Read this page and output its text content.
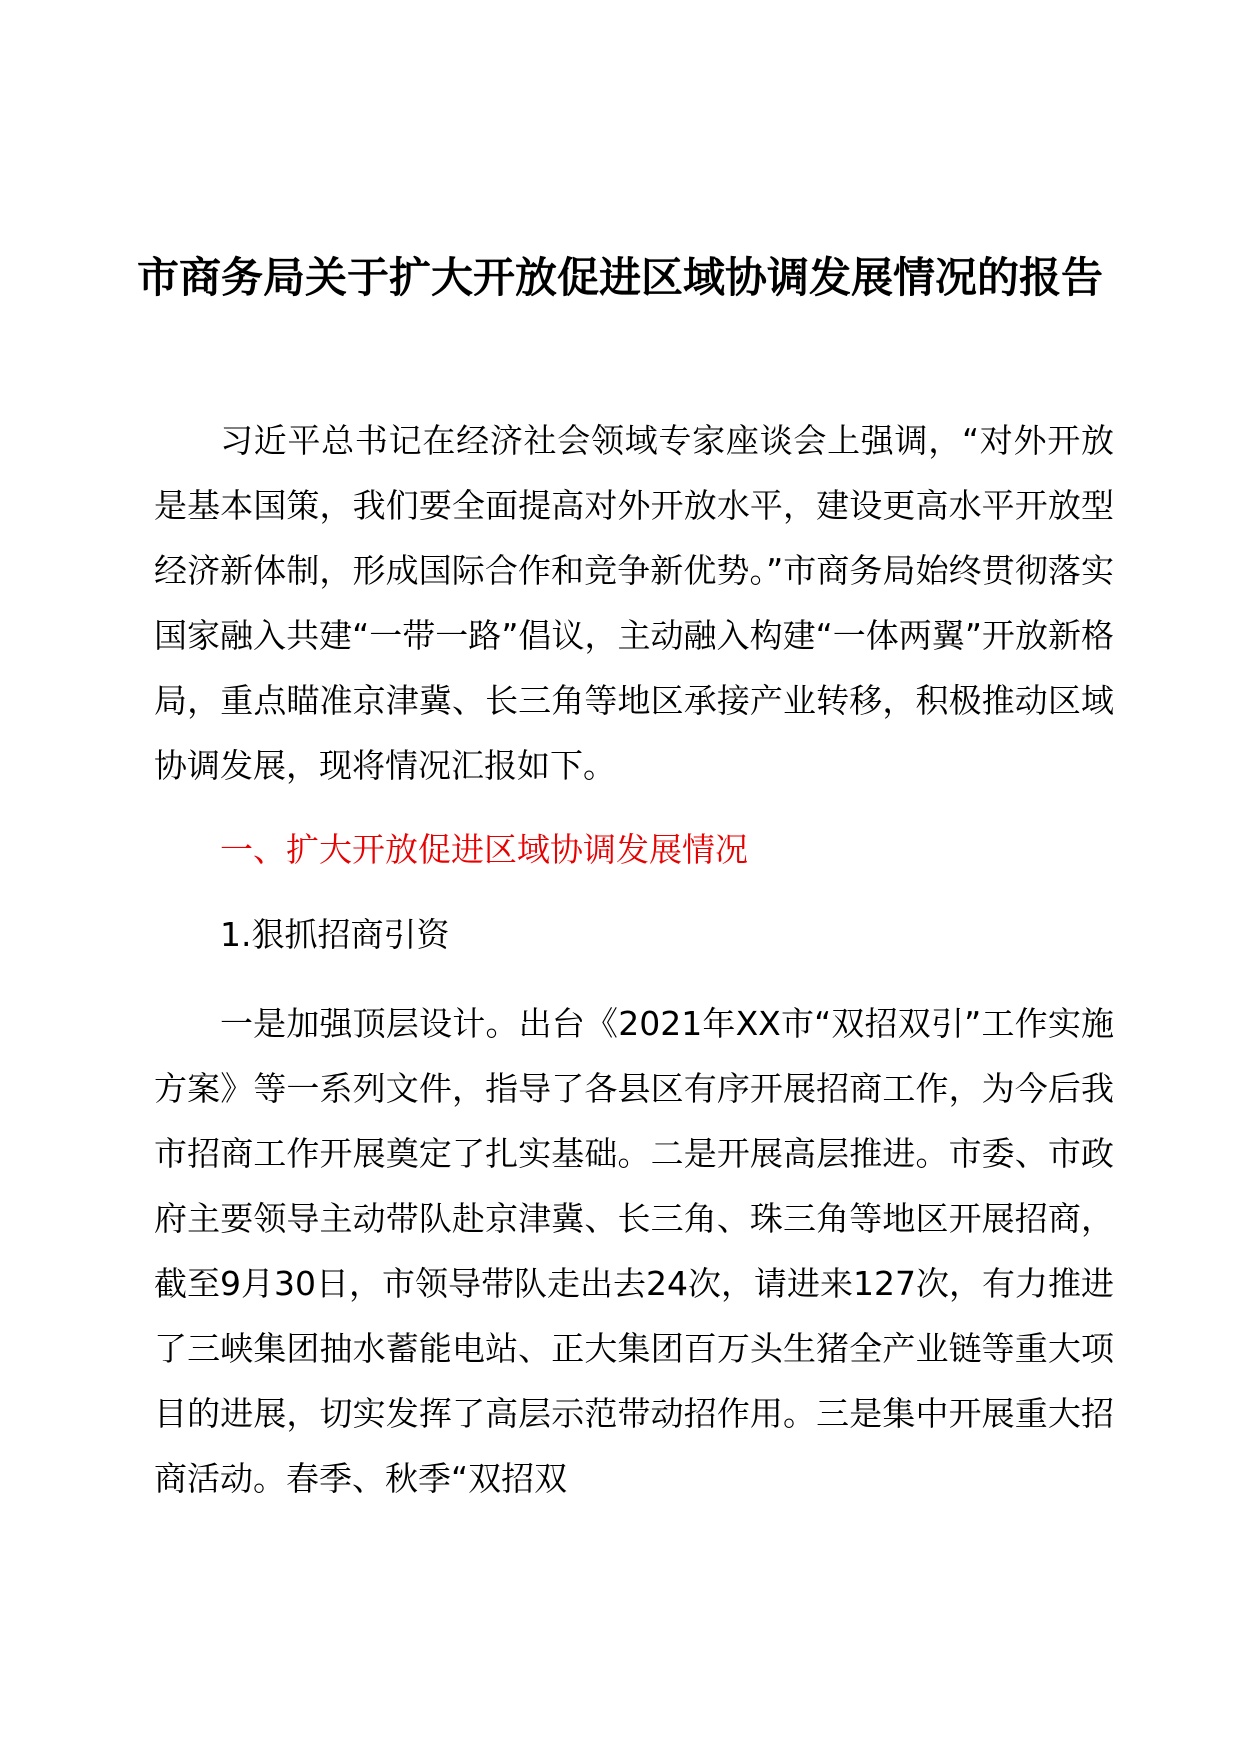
市商务局关于扩大开放促进区域协调发展情况的报告

习近平总书记在经济社会领域专家座谈会上强调，“对外开放是基本国策，我们要全面提高对外开放水平，建设更高水平开放型经济新体制，形成国际合作和竞争新优势。”市商务局始终贯彻落实国家融入共建“一带一路”倡议，主动融入构建“一体两翼”开放新格局，重点瞄准京津冀、长三角等地区承接产业转移，积极推动区域协调发展，现将情况汇报如下。

一、扩大开放促进区域协调发展情况

1.狠抓招商引资

一是加强顶层设计。出台《2021年XX市“双招双引”工作实施方案》等一系列文件，指导了各县区有序开展招商工作，为今后我市招商工作开展奠定了扎实基础。二是开展高层推进。市委、市政府主要领导主动带队赴京津冀、长三角、珠三角等地区开展招商，截至9月30日，市领导带队走出去24次，请进来127次，有力推进了三峡集团抽水蓄能电站、正大集团百万头生猪全产业链等重大项目的进展，切实发挥了高层示范带动招作用。三是集中开展重大招商活动。春季、秋季“双招双
